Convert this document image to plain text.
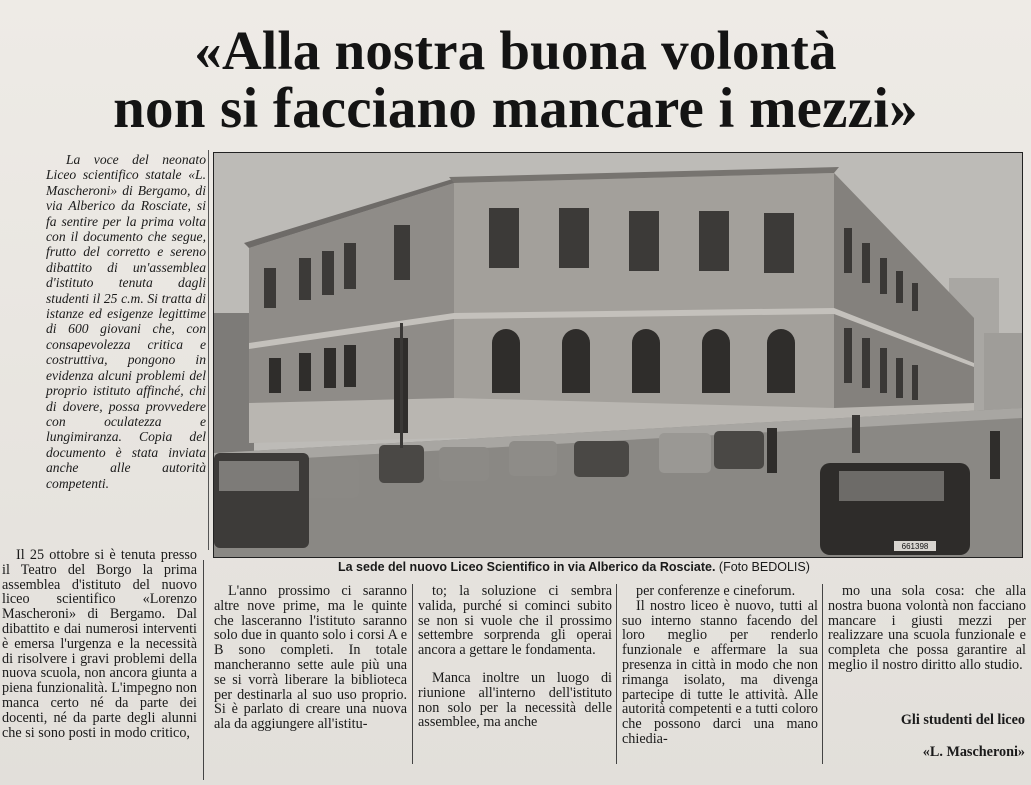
«Alla nostra buona volontà
non si facciano mancare i mezzi»

La voce del neonato Liceo scientifico statale «L. Mascheroni» di Bergamo, di via Alberico da Rosciate, si fa sentire per la prima volta con il documento che segue, frutto del corretto e sereno dibattito di un'assemblea d'istituto tenuta dagli studenti il 25 c.m. Si tratta di istanze ed esigenze legittime di 600 giovani che, con consapevolezza critica e costruttiva, pongono in evidenza alcuni problemi del proprio istituto affinché, chi di dovere, possa provvedere con oculatezza e lungimiranza. Copia del documento è stata inviata anche alle autorità competenti.

661398
La sede del nuovo Liceo Scientifico in via Alberico da Rosciate. (Foto BEDOLIS)

Il 25 ottobre si è tenuta presso il Teatro del Borgo la prima assemblea d'istituto del nuovo liceo scientifico «Lorenzo Mascheroni» di Bergamo. Dal dibattito e dai numerosi interventi è emersa l'urgenza e la necessità di risolvere i gravi problemi della nuova scuola, non ancora giunta a piena funzionalità. L'impegno non manca certo né da parte dei docenti, né da parte degli alunni che si sono posti in modo critico,

L'anno prossimo ci saranno altre nove prime, ma le quinte che lasceranno l'istituto saranno solo due in quanto solo i corsi A e B sono completi. In totale mancheranno sette aule più una se si vorrà liberare la biblioteca per destinarla al suo uso proprio. Si è parlato di creare una nuova ala da aggiungere all'istitu-

to; la soluzione ci sembra valida, purché si cominci subito se non si vuole che il prossimo settembre sorprenda gli operai ancora a gettare le fondamenta.

Manca inoltre un luogo di riunione all'interno dell'istituto non solo per la necessità delle assemblee, ma anche

per conferenze e cineforum.

Il nostro liceo è nuovo, tutti al suo interno stanno facendo del loro meglio per renderlo funzionale e affermare la sua presenza in città in modo che non rimanga isolato, ma divenga partecipe di tutte le attività. Alle autorità competenti e a tutti coloro che possono darci una mano chiedia-

mo una sola cosa: che alla nostra buona volontà non facciano mancare i giusti mezzi per realizzare una scuola funzionale e completa che possa garantire al meglio il nostro diritto allo studio.

Gli studenti del liceo
«L. Mascheroni»
